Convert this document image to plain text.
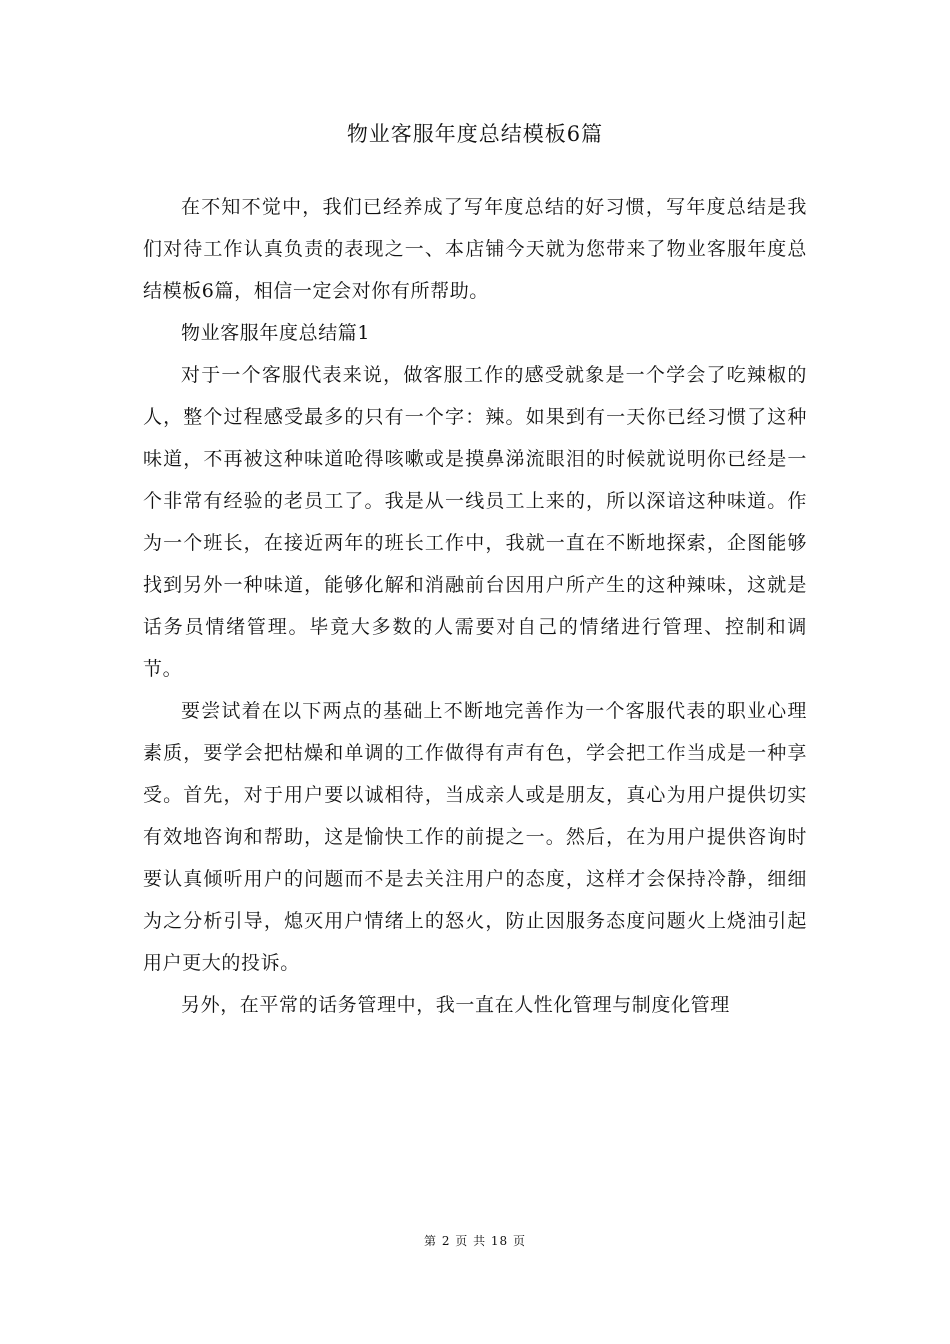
物业客服年度总结模板6篇

在不知不觉中，我们已经养成了写年度总结的好习惯，写年度总结是我们对待工作认真负责的表现之一、本店铺今天就为您带来了物业客服年度总结模板6篇，相信一定会对你有所帮助。

物业客服年度总结篇1

对于一个客服代表来说，做客服工作的感受就象是一个学会了吃辣椒的人，整个过程感受最多的只有一个字：辣。如果到有一天你已经习惯了这种味道，不再被这种味道呛得咳嗽或是摸鼻涕流眼泪的时候就说明你已经是一个非常有经验的老员工了。我是从一线员工上来的，所以深谙这种味道。作为一个班长，在接近两年的班长工作中，我就一直在不断地探索，企图能够找到另外一种味道，能够化解和消融前台因用户所产生的这种辣味，这就是话务员情绪管理。毕竟大多数的人需要对自己的情绪进行管理、控制和调节。

要尝试着在以下两点的基础上不断地完善作为一个客服代表的职业心理素质，要学会把枯燥和单调的工作做得有声有色，学会把工作当成是一种享受。首先，对于用户要以诚相待，当成亲人或是朋友，真心为用户提供切实有效地咨询和帮助，这是愉快工作的前提之一。然后，在为用户提供咨询时要认真倾听用户的问题而不是去关注用户的态度，这样才会保持冷静，细细为之分析引导，熄灭用户情绪上的怒火，防止因服务态度问题火上烧油引起用户更大的投诉。

另外，在平常的话务管理中，我一直在人性化管理与制度化管理

第 2 页 共 18 页
